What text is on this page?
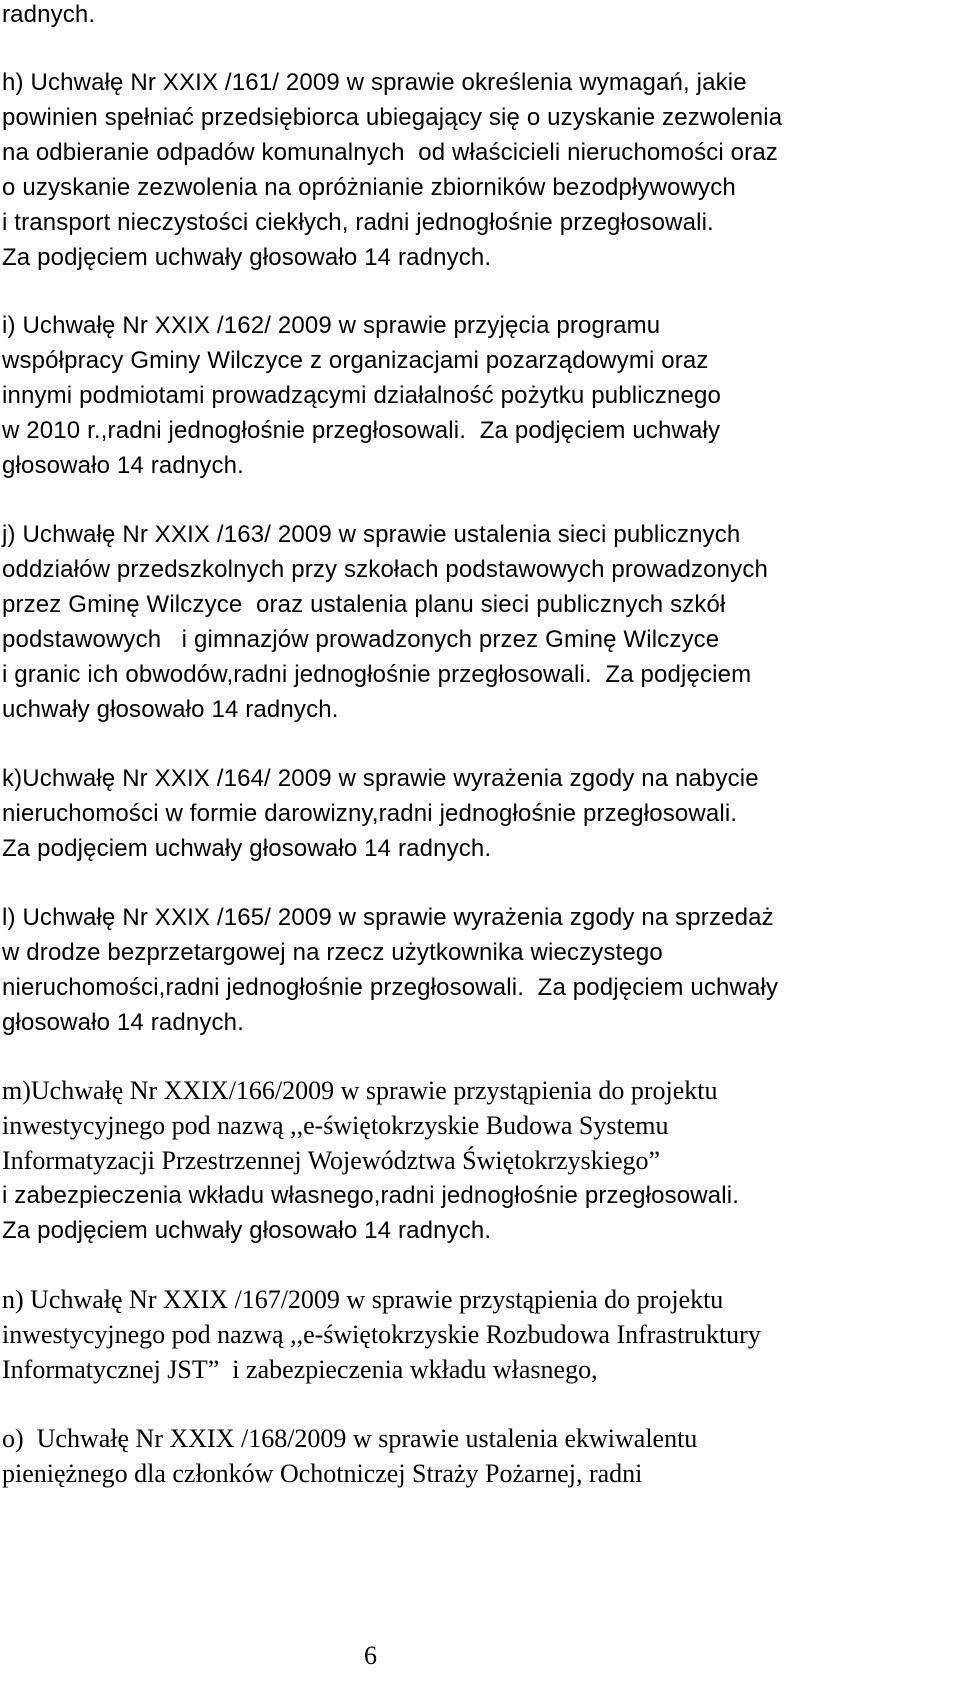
radnych.

h) Uchwałę Nr XXIX /161/ 2009 w sprawie określenia wymagań, jakie

powinien spełniać przedsiębiorca ubiegający się o uzyskanie zezwolenia

na odbieranie odpadów komunalnych  od właścicieli nieruchomości oraz

o uzyskanie zezwolenia na opróżnianie zbiorników bezodpływowych

i transport nieczystości ciekłych, radni jednogłośnie przegłosowali.

Za podjęciem uchwały głosowało 14 radnych.

i) Uchwałę Nr XXIX /162/ 2009 w sprawie przyjęcia programu

współpracy Gminy Wilczyce z organizacjami pozarządowymi oraz

innymi podmiotami prowadzącymi działalność pożytku publicznego

w 2010 r.,radni jednogłośnie przegłosowali.  Za podjęciem uchwały

głosowało 14 radnych.

j) Uchwałę Nr XXIX /163/ 2009 w sprawie ustalenia sieci publicznych

oddziałów przedszkolnych przy szkołach podstawowych prowadzonych

przez Gminę Wilczyce  oraz ustalenia planu sieci publicznych szkół

podstawowych   i gimnazjów prowadzonych przez Gminę Wilczyce

i granic ich obwodów,radni jednogłośnie przegłosowali.  Za podjęciem

uchwały głosowało 14 radnych.

k)Uchwałę Nr XXIX /164/ 2009 w sprawie wyrażenia zgody na nabycie

nieruchomości w formie darowizny,radni jednogłośnie przegłosowali.

Za podjęciem uchwały głosowało 14 radnych.

l) Uchwałę Nr XXIX /165/ 2009 w sprawie wyrażenia zgody na sprzedaż

w drodze bezprzetargowej na rzecz użytkownika wieczystego

nieruchomości,radni jednogłośnie przegłosowali.  Za podjęciem uchwały

głosowało 14 radnych.

m)Uchwałę Nr XXIX/166/2009 w sprawie przystąpienia do projektu

inwestycyjnego pod nazwą ,,e-świętokrzyskie Budowa Systemu

Informatyzacji Przestrzennej Województwa Świętokrzyskiego”

i zabezpieczenia wkładu własnego,radni jednogłośnie przegłosowali.

Za podjęciem uchwały głosowało 14 radnych.

n) Uchwałę Nr XXIX /167/2009 w sprawie przystąpienia do projektu

inwestycyjnego pod nazwą ,,e-świętokrzyskie Rozbudowa Infrastruktury

Informatycznej JST”  i zabezpieczenia wkładu własnego,

o)  Uchwałę Nr XXIX /168/2009 w sprawie ustalenia ekwiwalentu

pieniężnego dla członków Ochotniczej Straży Pożarnej, radni

6
